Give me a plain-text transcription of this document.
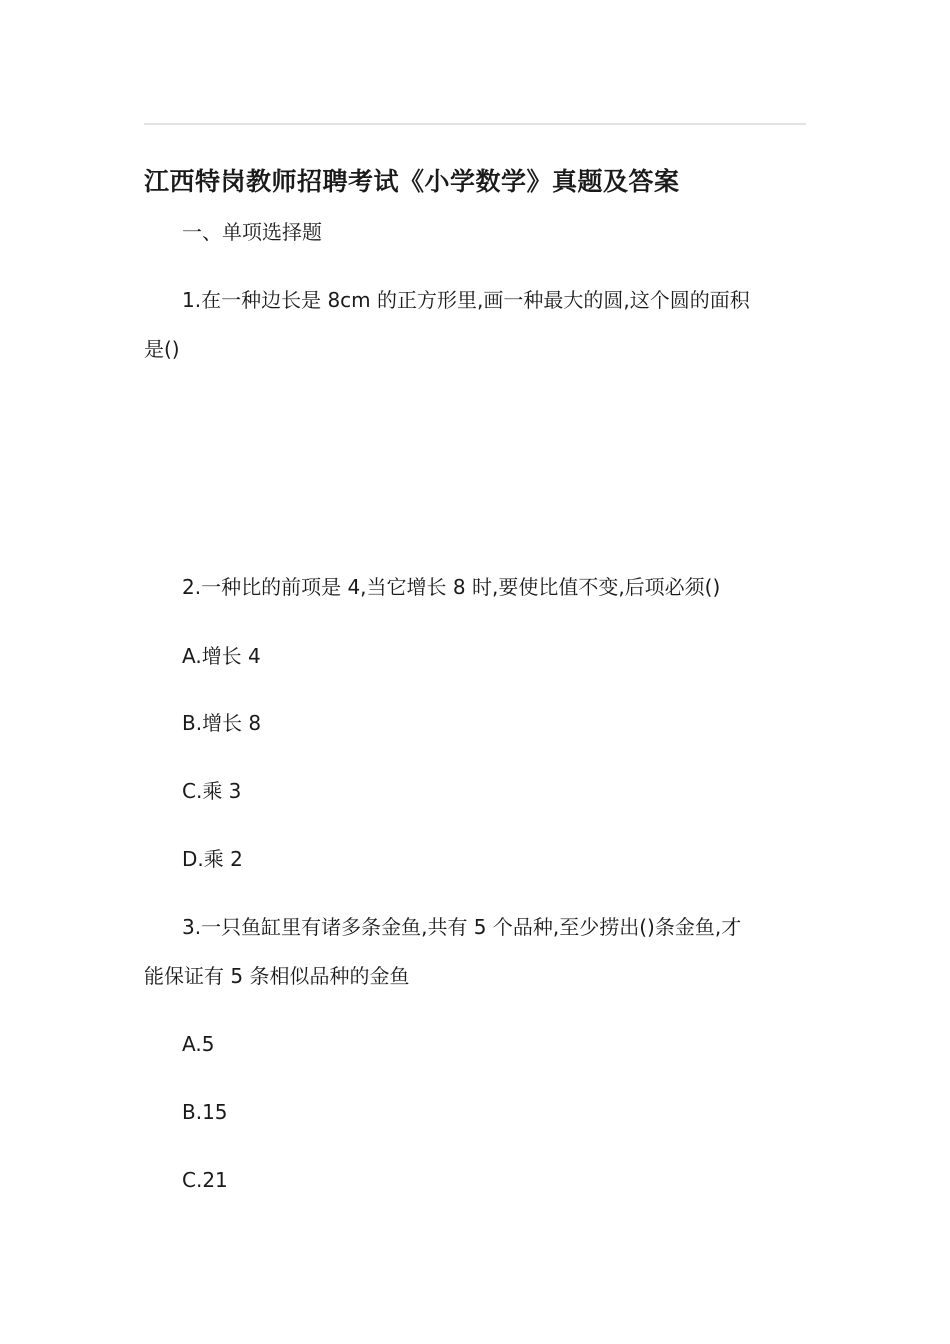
江西特岗教师招聘考试《小学数学》真题及答案
一、单项选择题
1.在一种边长是 8cm 的正方形里,画一种最大的圆,这个圆的面积
是()
2.一种比的前项是 4,当它增长 8 时,要使比值不变,后项必须()
A.增长 4
B.增长 8
C.乘 3
D.乘 2
3.一只鱼缸里有诸多条金鱼,共有 5 个品种,至少捞出()条金鱼,才
能保证有 5 条相似品种的金鱼
A.5
B.15
C.21
